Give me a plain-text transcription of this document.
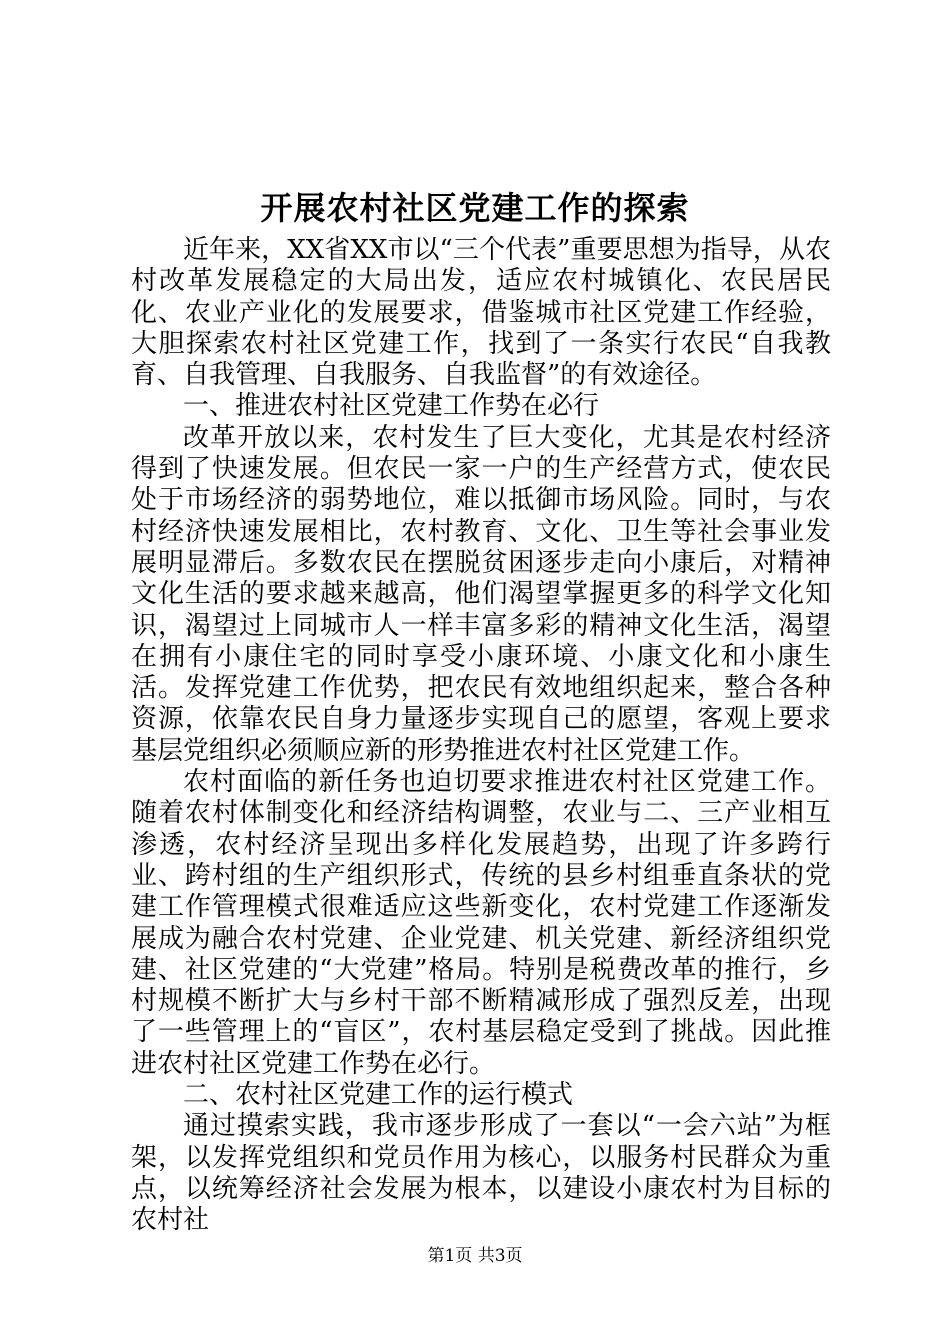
开展农村社区党建工作的探索

近年来，XX省XX市以“三个代表”重要思想为指导，从农村改革发展稳定的大局出发，适应农村城镇化、农民居民化、农业产业化的发展要求，借鉴城市社区党建工作经验，大胆探索农村社区党建工作，找到了一条实行农民“自我教育、自我管理、自我服务、自我监督”的有效途径。

一、推进农村社区党建工作势在必行

改革开放以来，农村发生了巨大变化，尤其是农村经济得到了快速发展。但农民一家一户的生产经营方式，使农民处于市场经济的弱势地位，难以抵御市场风险。同时，与农村经济快速发展相比，农村教育、文化、卫生等社会事业发展明显滞后。多数农民在摆脱贫困逐步走向小康后，对精神文化生活的要求越来越高，他们渴望掌握更多的科学文化知识，渴望过上同城市人一样丰富多彩的精神文化生活，渴望在拥有小康住宅的同时享受小康环境、小康文化和小康生活。发挥党建工作优势，把农民有效地组织起来，整合各种资源，依靠农民自身力量逐步实现自己的愿望，客观上要求基层党组织必须顺应新的形势推进农村社区党建工作。

农村面临的新任务也迫切要求推进农村社区党建工作。随着农村体制变化和经济结构调整，农业与二、三产业相互渗透，农村经济呈现出多样化发展趋势，出现了许多跨行业、跨村组的生产组织形式，传统的县乡村组垂直条状的党建工作管理模式很难适应这些新变化，农村党建工作逐渐发展成为融合农村党建、企业党建、机关党建、新经济组织党建、社区党建的“大党建”格局。特别是税费改革的推行，乡村规模不断扩大与乡村干部不断精减形成了强烈反差，出现了一些管理上的“盲区”，农村基层稳定受到了挑战。因此推进农村社区党建工作势在必行。

二、农村社区党建工作的运行模式

通过摸索实践，我市逐步形成了一套以“一会六站”为框架，以发挥党组织和党员作用为核心，以服务村民群众为重点，以统筹经济社会发展为根本，以建设小康农村为目标的农村社

第1页 共3页
